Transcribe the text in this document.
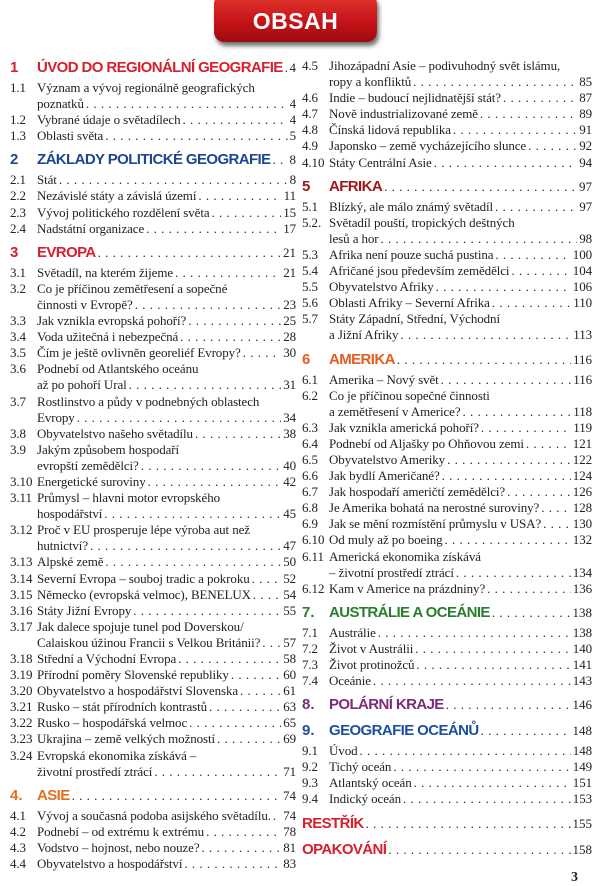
OBSAH
1	ÚVOD DO REGIONÁLNÍ GEOGRAFIE . . . 4
1.1 Význam a vývoj regionálně geografických
poznatků . . .	4
1.2 Vybrané údaje o světadílech . . .	4
1.3 Oblasti světa . . .	5
2	ZÁKLADY POLITICKÉ GEOGRAFIE . . . 8
2.1 Stát . . .	8
2.2 Nezávislé státy a závislá území . . .	11
2.3 Vývoj politického rozdělení světa . . .	15
2.4 Nadstátní organizace . . .	17
3	EVROPA . . .	21
3.1 Světadíl, na kterém žijeme . . .	21
3.2 Co je příčinou zemětřesení a sopečné
činnosti v Evropě? . . .	23
3.3 Jak vznikla evropská pohoří? . . .	25
3.4 Voda užitečná i nebezpečná . . .	28
3.5 Čím je ještě ovlivněn georeliéf Evropy? . . .	30
3.6 Podnebí od Atlantského oceánu
až po pohoří Ural . . .	31
3.7 Rostlinstvo a půdy v podnebných oblastech
Evropy . . .	34
3.8 Obyvatelstvo našeho světadílu . . .	38
3.9 Jakým způsobem hospodaří
evropští zemědělci? . . .	40
3.10 Energetické suroviny . . .	42
3.11 Průmysl – hlavni motor evropského
hospodářství . . .	45
3.12 Proč v EU prosperuje lépe výroba aut než
hutnictví? . . .	47
3.13 Alpské země . . .	50
3.14 Severní Evropa – souboj tradic a pokroku . . .	52
3.15 Německo (evropská velmoc), BENELUX . . . 54
3.16 Státy Jižní Evropy . . .	55
3.17 Jak dalece spojuje tunel pod Doverskou/
Calaiskou úžinou Francii s Velkou Británii? . . . 57
3.18 Střední a Východní Evropa . . .	58
3.19 Přírodní poměry Slovenské republiky . . .	60
3.20 Obyvatelstvo a hospodářství Slovenska . . .	61
3.21 Rusko – stát přírodních kontrastů . . .	63
3.22 Rusko – hospodářská velmoc . . .	65
3.23 Ukrajina – země velkých možností . . .	69
3.24 Evropská ekonomika získává –
životní prostředí ztrácí . . .	71
4. ASIE . . .	74
4.1 Vývoj a současná podoba asijského světadílu. . . . 74
4.2 Podnebí – od extrému k extrému . . .	78
4.3 Vodstvo – hojnost, nebo nouze? . . .	81
4.4 Obyvatelstvo a hospodářství . . .	83
4.5 Jihozápadní Asie – podivuhodný svět islámu,
ropy a konfliktů . . .	85
4.6 Indie – budoucí nejlidnatější stát? . . .	87
4.7 Nově industrializované země . . .	89
4.8 Čínská lidová republika . . .	91
4.9 Japonsko – země vycházejícího slunce . . .	92
4.10 Státy Centrální Asie . . .	94
5	AFRIKA . . .	97
5.1 Blízký, ale málo známý světadíl . . .	97
5.2. Světadíl pouští, tropických deštných
lesů a hor . . .	98
5.3 Afrika není pouze suchá pustina . . .	100
5.4 Afričané jsou především zemědělci . . .	104
5.5 Obyvatelstvo Afriky . . .	106
5.6 Oblasti Afriky – Severní Afrika . . .	110
5.7 Státy Západní, Střední, Východní
a Jižní Afriky . . .	113
6	AMERIKA . . .	116
6.1 Amerika – Nový svět . . .	116
6.2 Co je příčinou sopečné činnosti
a zemětřesení v Americe? . . .	118
6.3 Jak vznikla americká pohoří? . . .	119
6.4 Podnebí od Aljašky po Ohňovou zemi . . .	121
6.5 Obyvatelstvo Ameriky . . .	122
6.6 Jak bydlí Američané? . . .	124
6.7 Jak hospodaří američtí zemědělci? . . .	126
6.8 Je Amerika bohatá na nerostné suroviny? . . .	128
6.9 Jak se mění rozmístění průmyslu v USA? . . . 130
6.10 Od muly až po boeing . . .	132
6.11 Americká ekonomika získává
– životní prostředí ztrácí . . .	134
6.12 Kam v Americe na prázdniny? . . .	136
7. AUSTRÁLIE A OCEÁNIE . . .	138
7.1 Austrálie . . .	138
7.2 Život v Austrálii . . .	140
7.3 Život protinožců . . .	141
7.4 Oceánie . . .	143
8. POLÁRNÍ KRAJE . . .	146
9. GEOGRAFIE OCEÁNŮ . . .	148
9.1 Úvod . . .	148
9.2 Tichý oceán . . .	149
9.3 Atlantský oceán . . .	151
9.4 Indický oceán . . .	153
RESTŘÍK . . .	155
OPAKOVÁNÍ . . .	158
3
